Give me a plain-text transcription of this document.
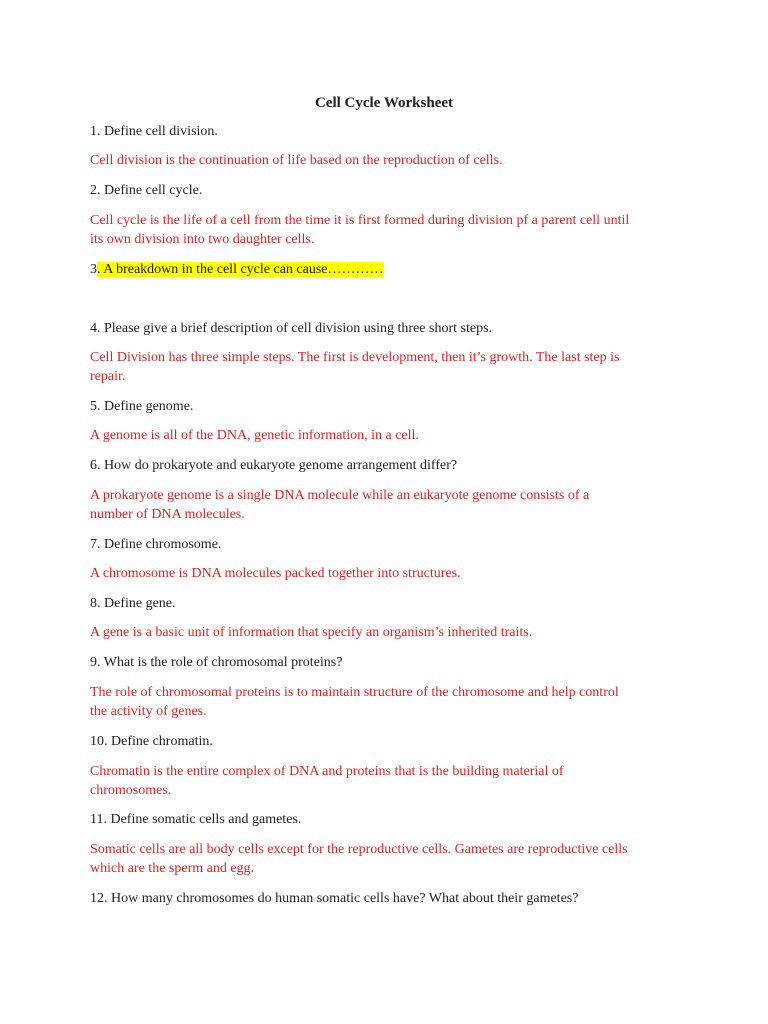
Cell Cycle Worksheet

1. Define cell division.

Cell division is the continuation of life based on the reproduction of cells.

2. Define cell cycle.

Cell cycle is the life of a cell from the time it is first formed during division pf a parent cell until

its own division into two daughter cells.

3. A breakdown in the cell cycle can cause…………

4. Please give a brief description of cell division using three short steps.

Cell Division has three simple steps. The first is development, then it’s growth. The last step is

repair.

5. Define genome.

A genome is all of the DNA, genetic information, in a cell.

6. How do prokaryote and eukaryote genome arrangement differ?

A prokaryote genome is a single DNA molecule while an eukaryote genome consists of a

number of DNA molecules.

7. Define chromosome.

A chromosome is DNA molecules packed together into structures.

8. Define gene.

A gene is a basic unit of information that specify an organism’s inherited traits.

9. What is the role of chromosomal proteins?

The role of chromosomal proteins is to maintain structure of the chromosome and help control

the activity of genes.

10. Define chromatin.

Chromatin is the entire complex of DNA and proteins that is the building material of

chromosomes.

11. Define somatic cells and gametes.

Somatic cells are all body cells except for the reproductive cells. Gametes are reproductive cells

which are the sperm and egg.

12. How many chromosomes do human somatic cells have? What about their gametes?
